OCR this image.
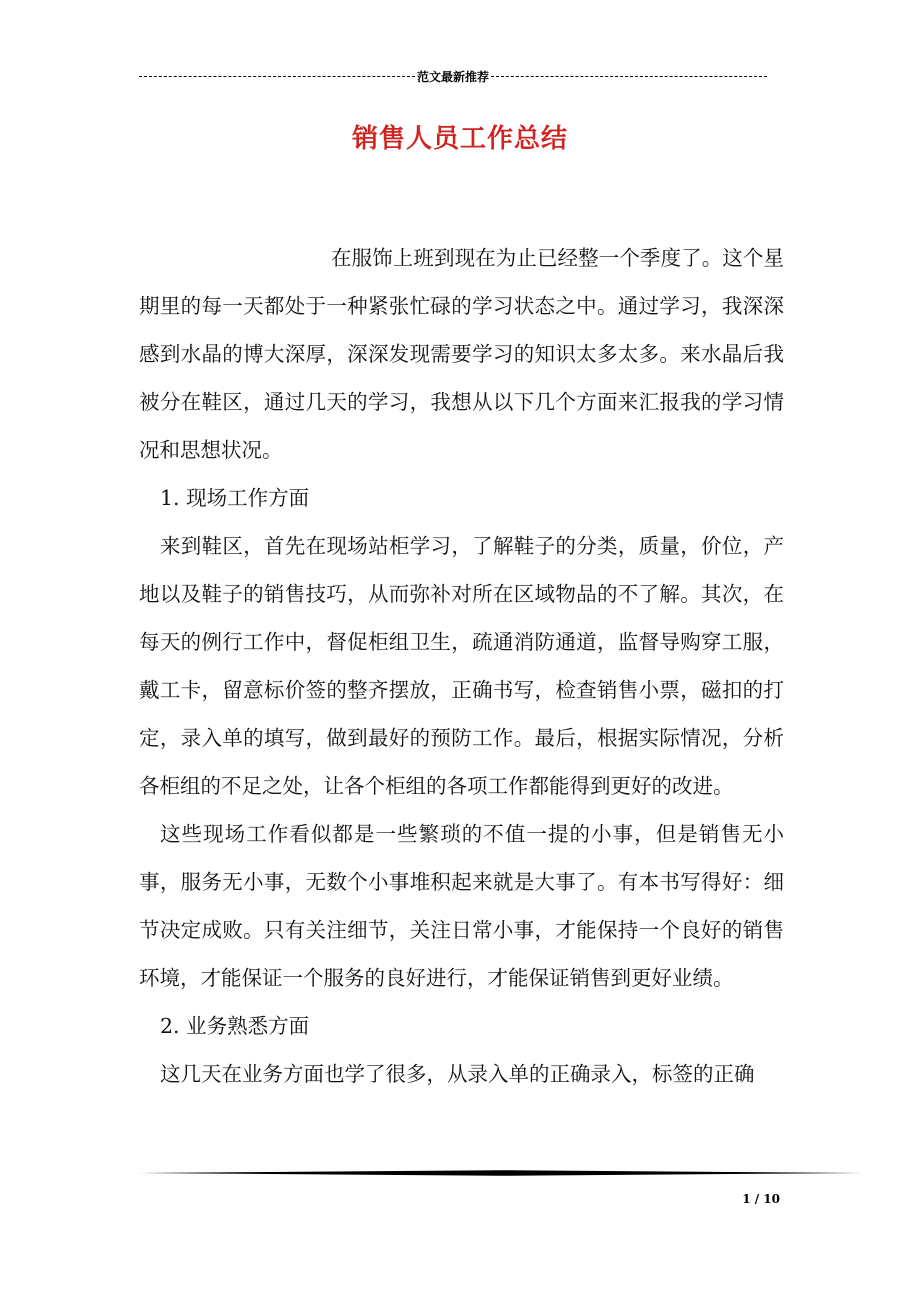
范文最新推荐
销售人员工作总结

在服饰上班到现在为止已经整一个季度了。这个星期里的每一天都处于一种紧张忙碌的学习状态之中。通过学习，我深深感到水晶的博大深厚，深深发现需要学习的知识太多太多。来水晶后我被分在鞋区，通过几天的学习，我想从以下几个方面来汇报我的学习情况和思想状况。

1. 现场工作方面

来到鞋区，首先在现场站柜学习，了解鞋子的分类，质量，价位，产地以及鞋子的销售技巧，从而弥补对所在区域物品的不了解。其次，在每天的例行工作中，督促柜组卫生，疏通消防通道，监督导购穿工服，戴工卡，留意标价签的整齐摆放，正确书写，检查销售小票，磁扣的打定，录入单的填写，做到最好的预防工作。最后，根据实际情况，分析各柜组的不足之处，让各个柜组的各项工作都能得到更好的改进。

这些现场工作看似都是一些繁琐的不值一提的小事，但是销售无小事，服务无小事，无数个小事堆积起来就是大事了。有本书写得好：细节决定成败。只有关注细节，关注日常小事，才能保持一个良好的销售环境，才能保证一个服务的良好进行，才能保证销售到更好业绩。

2. 业务熟悉方面

这几天在业务方面也学了很多，从录入单的正确录入，标签的正确

1 / 10
